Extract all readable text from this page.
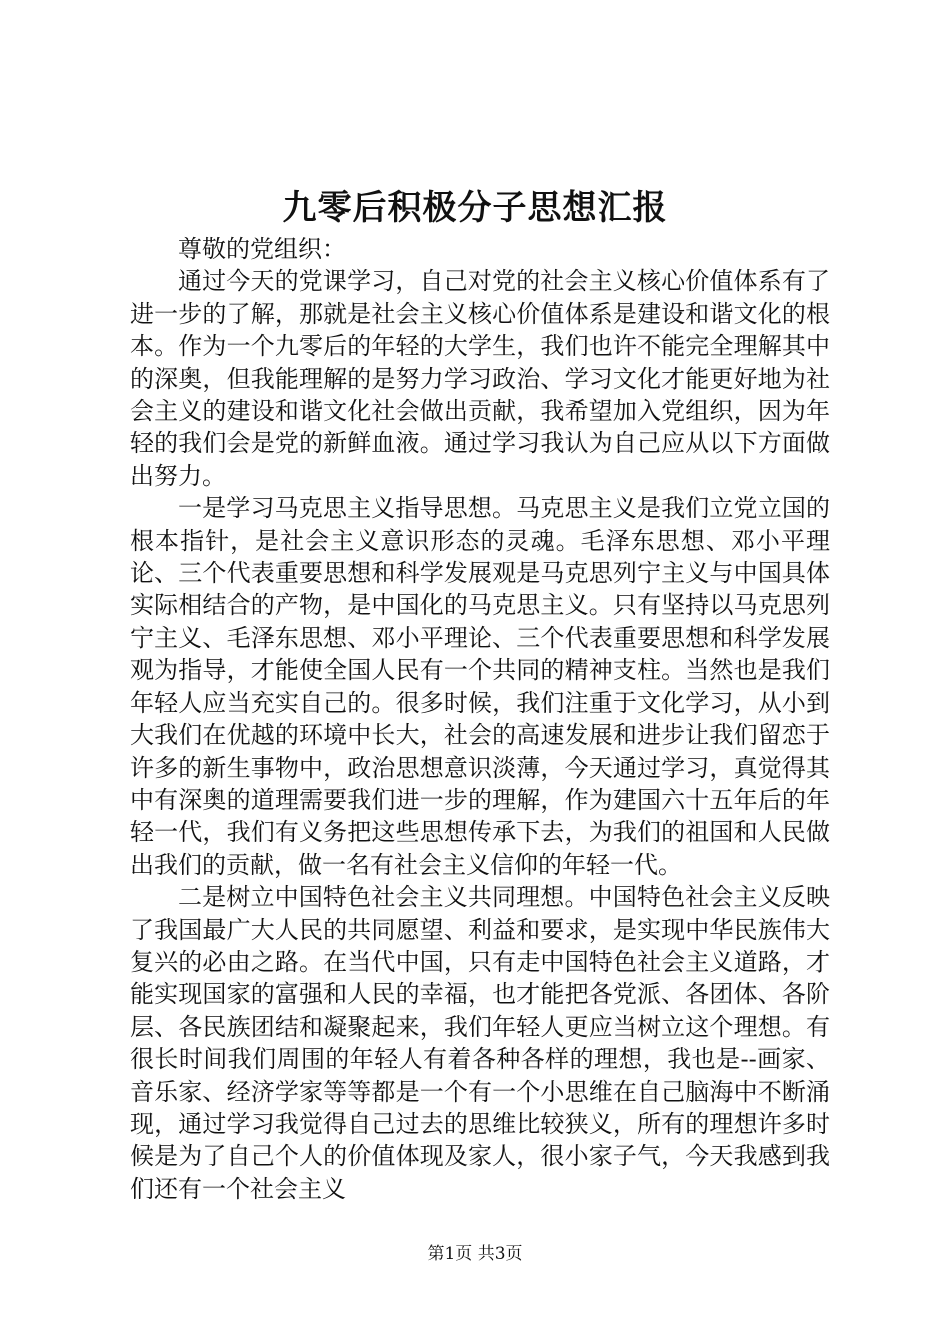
九零后积极分子思想汇报

尊敬的党组织：

通过今天的党课学习，自己对党的社会主义核心价值体系有了进一步的了解，那就是社会主义核心价值体系是建设和谐文化的根本。作为一个九零后的年轻的大学生，我们也许不能完全理解其中的深奥，但我能理解的是努力学习政治、学习文化才能更好地为社会主义的建设和谐文化社会做出贡献，我希望加入党组织，因为年轻的我们会是党的新鲜血液。通过学习我认为自己应从以下方面做出努力。

一是学习马克思主义指导思想。马克思主义是我们立党立国的根本指针，是社会主义意识形态的灵魂。毛泽东思想、邓小平理论、三个代表重要思想和科学发展观是马克思列宁主义与中国具体实际相结合的产物，是中国化的马克思主义。只有坚持以马克思列宁主义、毛泽东思想、邓小平理论、三个代表重要思想和科学发展观为指导，才能使全国人民有一个共同的精神支柱。当然也是我们年轻人应当充实自己的。很多时候，我们注重于文化学习，从小到大我们在优越的环境中长大，社会的高速发展和进步让我们留恋于许多的新生事物中，政治思想意识淡薄，今天通过学习，真觉得其中有深奥的道理需要我们进一步的理解，作为建国六十五年后的年轻一代，我们有义务把这些思想传承下去，为我们的祖国和人民做出我们的贡献，做一名有社会主义信仰的年轻一代。

二是树立中国特色社会主义共同理想。中国特色社会主义反映了我国最广大人民的共同愿望、利益和要求，是实现中华民族伟大复兴的必由之路。在当代中国，只有走中国特色社会主义道路，才能实现国家的富强和人民的幸福，也才能把各党派、各团体、各阶层、各民族团结和凝聚起来，我们年轻人更应当树立这个理想。有很长时间我们周围的年轻人有着各种各样的理想，我也是--画家、音乐家、经济学家等等都是一个有一个小思维在自己脑海中不断涌现，通过学习我觉得自己过去的思维比较狭义，所有的理想许多时候是为了自己个人的价值体现及家人，很小家子气，今天我感到我们还有一个社会主义

第1页 共3页
